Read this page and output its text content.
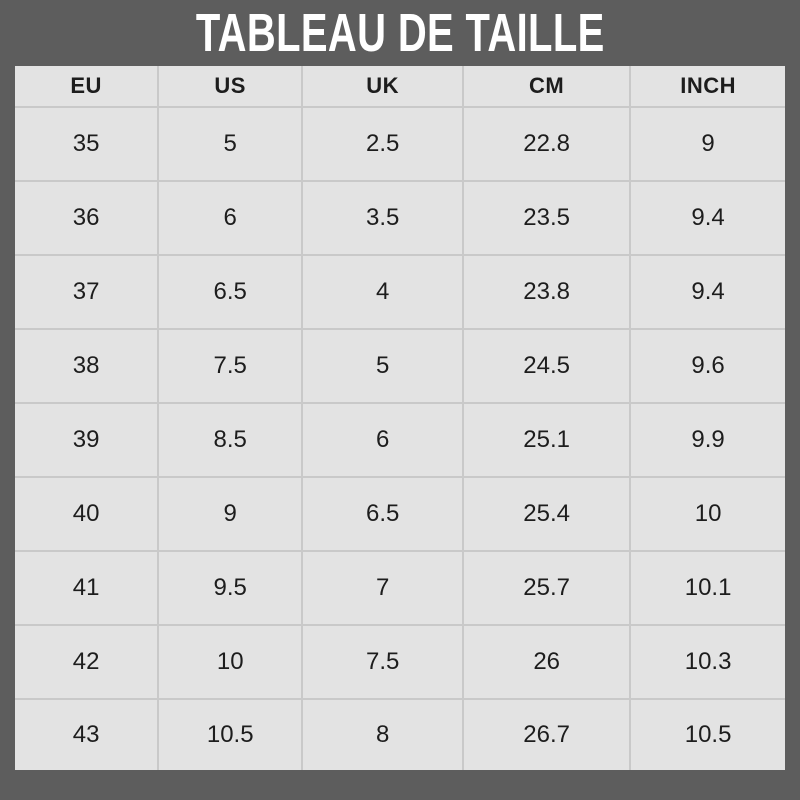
TABLEAU DE TAILLE
EU	US	UK	CM	INCH
35	5	2.5	22.8	9
36	6	3.5	23.5	9.4
37	6.5	4	23.8	9.4
38	7.5	5	24.5	9.6
39	8.5	6	25.1	9.9
40	9	6.5	25.4	10
41	9.5	7	25.7	10.1
42	10	7.5	26	10.3
43	10.5	8	26.7	10.5
